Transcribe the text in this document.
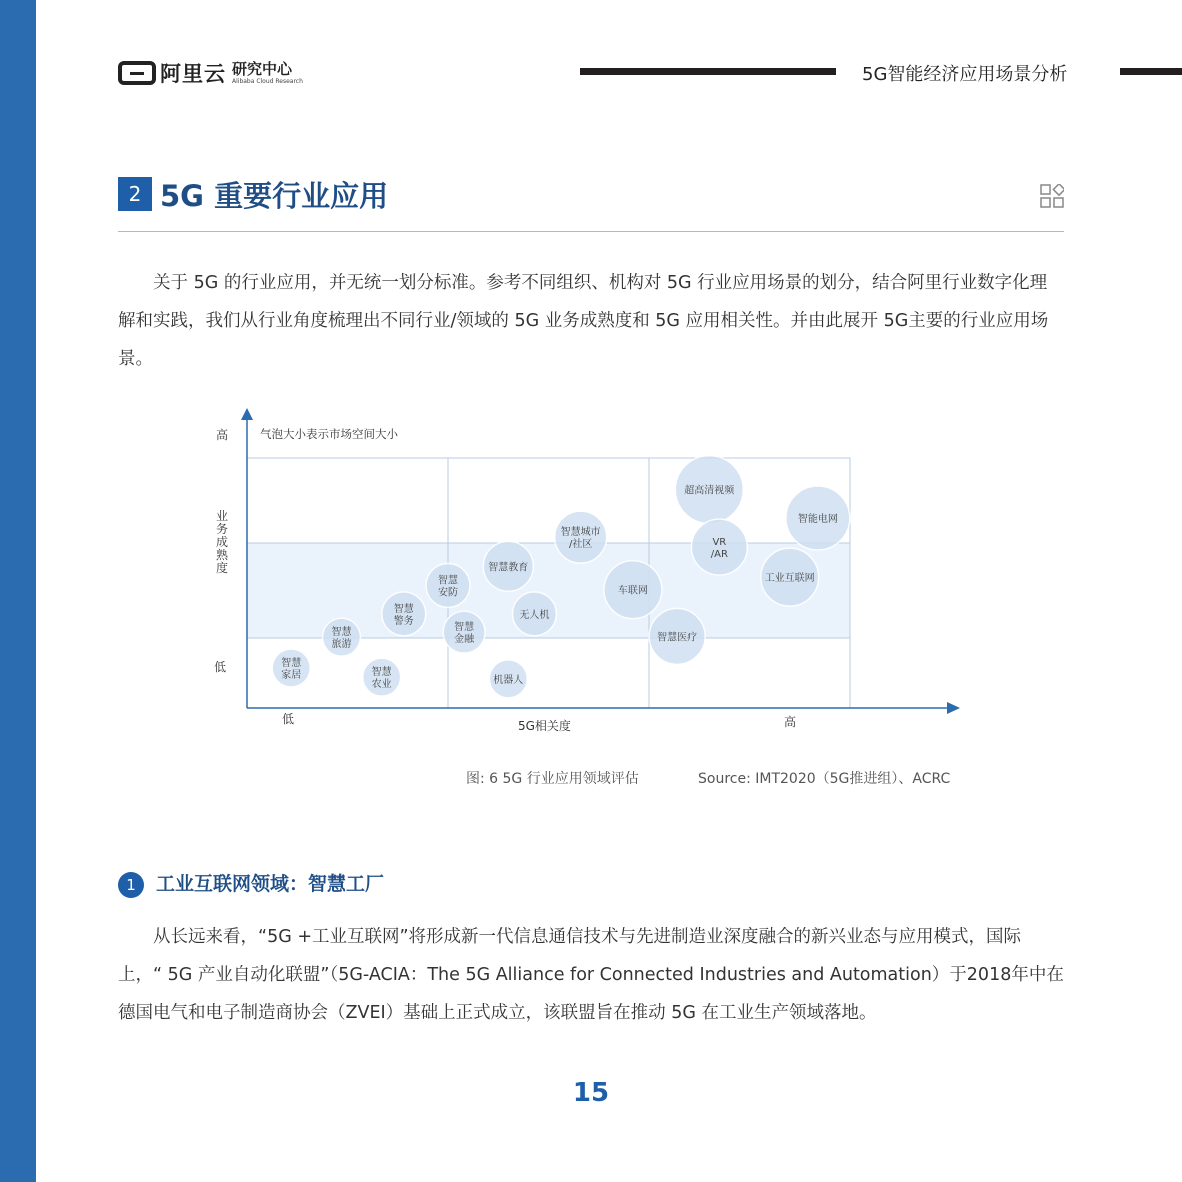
阿里云 研究中心
Alibaba Cloud Research	5G智能经济应用场景分析
2 5G 重要行业应用

关于 5G 的行业应用，并无统一划分标准。参考不同组织、机构对 5G 行业应用场景的划分，结合阿里行业数字化理解和实践，我们从行业角度梳理出不同行业/领域的 5G 业务成熟度和 5G 应用相关性。并由此展开 5G主要的行业应用场景。

气泡大小表示市场空间大小
高
低
低	高
5G相关度
业务成熟度
超高清视频
智能电网
VR /AR
工业互联网
智慧城市/社区
车联网
智慧教育
智慧安防
无人机
智慧医疗
智慧警务
智慧金融
智慧旅游
智慧家居	智慧农业	机器人
图: 6 5G 行业应用领域评估	Source: IMT2020（5G推进组）、ACRC
1	工业互联网领域：智慧工厂

从长远来看，“5G +工业互联网”将形成新一代信息通信技术与先进制造业深度融合的新兴业态与应用模式，国际上，“ 5G 产业自动化联盟”（5G-ACIA：The 5G Alliance for Connected Industries and Automation）于2018年中在德国电气和电子制造商协会（ZVEI）基础上正式成立，该联盟旨在推动 5G 在工业生产领域落地。

15
